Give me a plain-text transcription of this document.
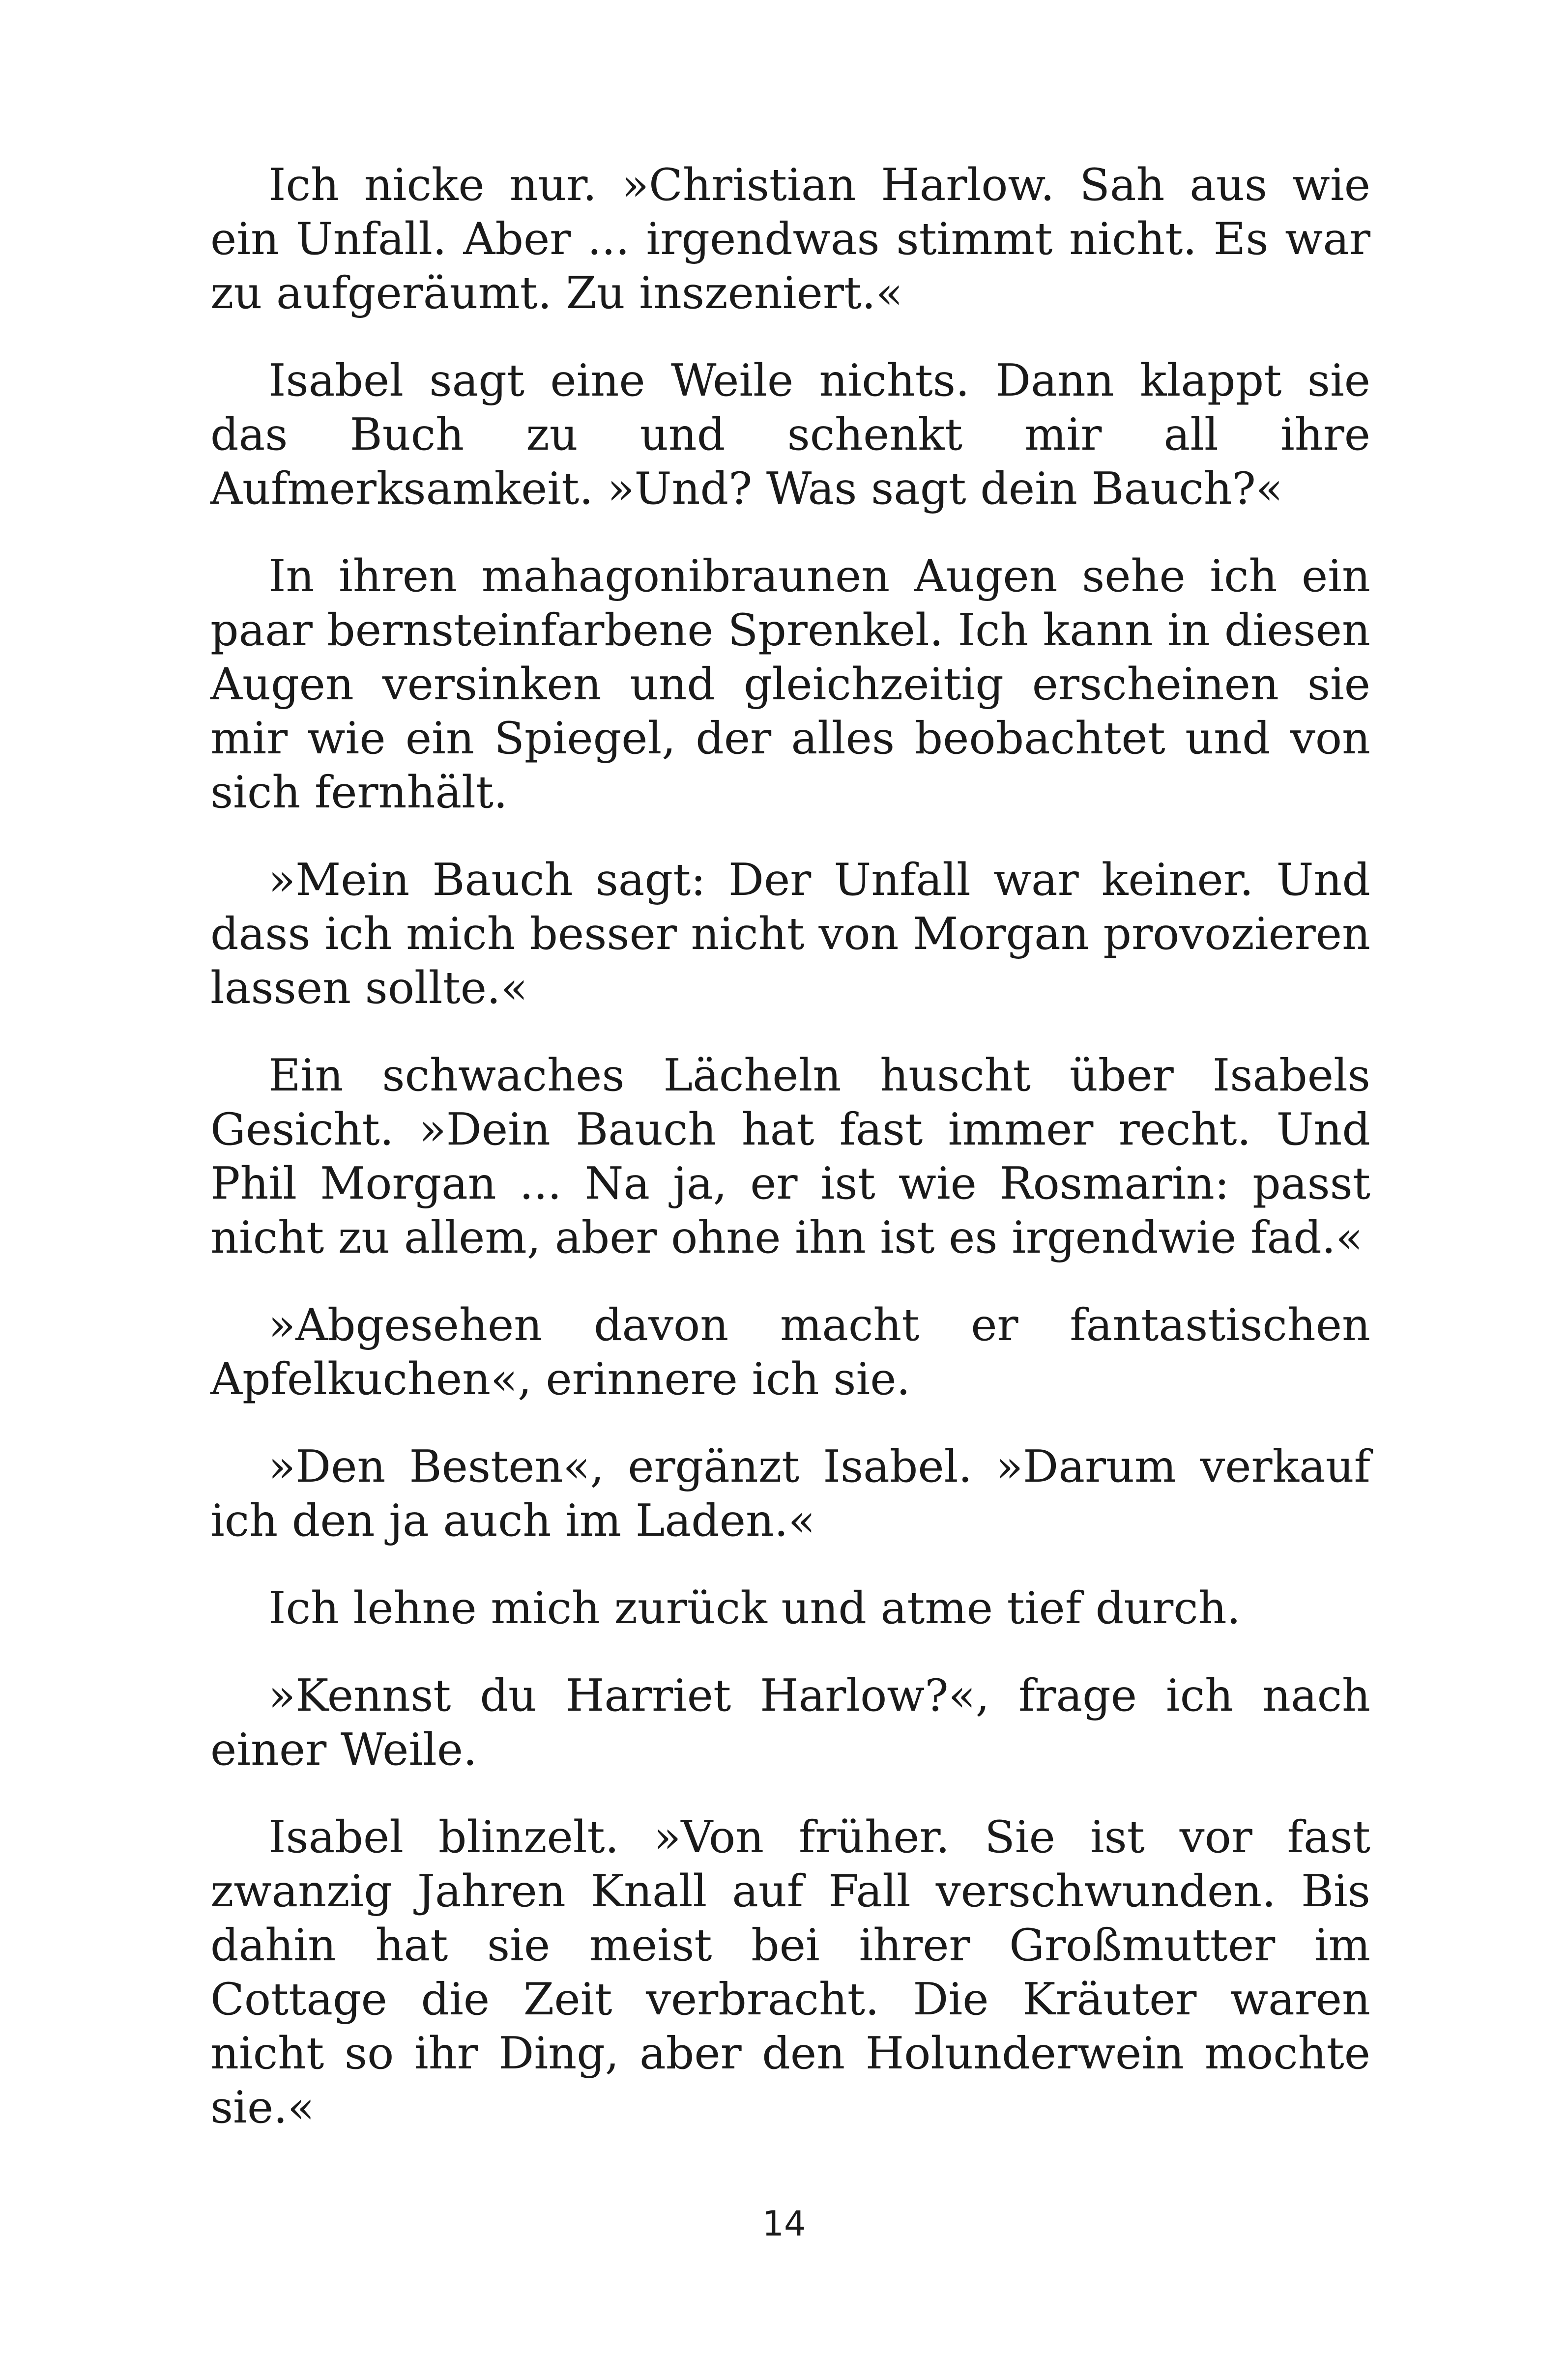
Ich nicke nur. »Christian Harlow. Sah aus wie ein Unfall. Aber ... irgendwas stimmt nicht. Es war zu aufgeräumt. Zu inszeniert.«

Isabel sagt eine Weile nichts. Dann klappt sie das Buch zu und schenkt mir all ihre Aufmerksamkeit. »Und? Was sagt dein Bauch?«

In ihren mahagonibraunen Augen sehe ich ein paar bernsteinfarbene Sprenkel. Ich kann in diesen Augen versinken und gleichzeitig erscheinen sie mir wie ein Spiegel, der alles beobachtet und von sich fernhält.

»Mein Bauch sagt: Der Unfall war keiner. Und dass ich mich besser nicht von Morgan provozieren lassen sollte.«

Ein schwaches Lächeln huscht über Isabels Gesicht. »Dein Bauch hat fast immer recht. Und Phil Morgan ... Na ja, er ist wie Rosmarin: passt nicht zu allem, aber ohne ihn ist es irgendwie fad.«

»Abgesehen davon macht er fantastischen Apfelkuchen«, erinnere ich sie.

»Den Besten«, ergänzt Isabel. »Darum verkauf ich den ja auch im Laden.«

Ich lehne mich zurück und atme tief durch.

»Kennst du Harriet Harlow?«, frage ich nach einer Weile.

Isabel blinzelt. »Von früher. Sie ist vor fast zwanzig Jahren Knall auf Fall verschwunden. Bis dahin hat sie meist bei ihrer Großmutter im Cottage die Zeit verbracht. Die Kräuter waren nicht so ihr Ding, aber den Holunderwein mochte sie.«

14
